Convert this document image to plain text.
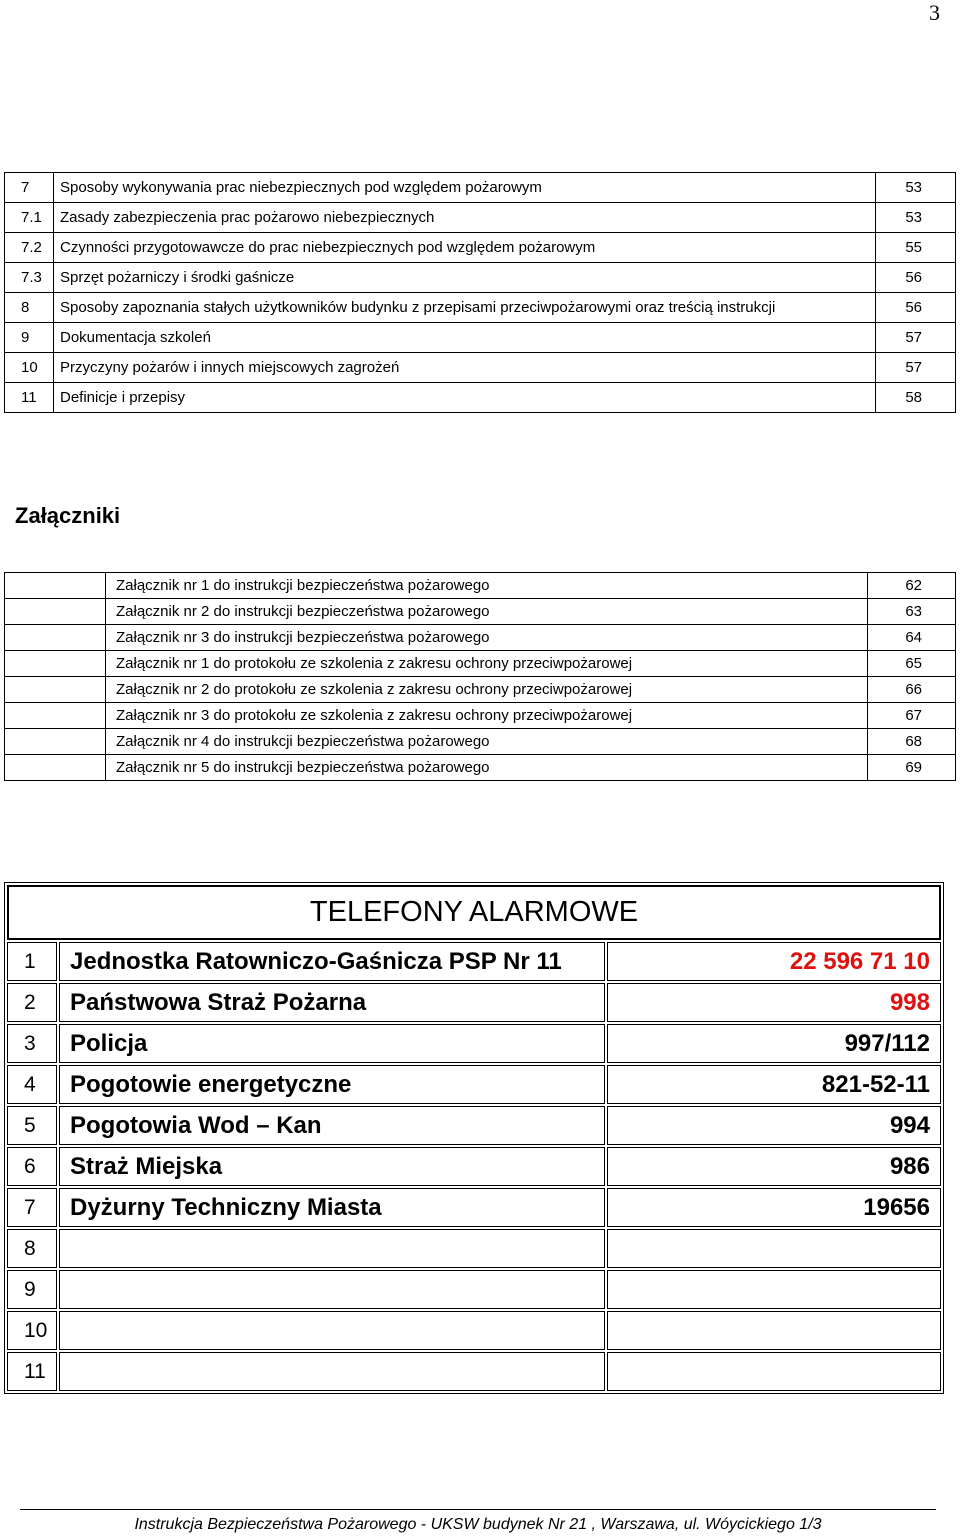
3
7	Sposoby wykonywania prac niebezpiecznych pod względem pożarowym	53
7.1	Zasady zabezpieczenia prac pożarowo niebezpiecznych	53
7.2	Czynności przygotowawcze do prac niebezpiecznych pod względem pożarowym	55
7.3	Sprzęt pożarniczy i środki gaśnicze	56
8	Sposoby zapoznania stałych użytkowników budynku z przepisami przeciwpożarowymi oraz treścią instrukcji	56
9	Dokumentacja szkoleń	57
10	Przyczyny pożarów i innych miejscowych zagrożeń	57
11	Definicje i przepisy	58
Załączniki
	Załącznik nr 1 do instrukcji bezpieczeństwa pożarowego	62
	Załącznik nr 2 do instrukcji bezpieczeństwa pożarowego	63
	Załącznik nr 3 do instrukcji bezpieczeństwa pożarowego	64
	Załącznik nr 1 do protokołu ze szkolenia z zakresu ochrony przeciwpożarowej	65
	Załącznik nr 2 do protokołu ze szkolenia z zakresu ochrony przeciwpożarowej	66
	Załącznik nr 3 do protokołu ze szkolenia z zakresu ochrony przeciwpożarowej	67
	Załącznik nr 4 do instrukcji bezpieczeństwa pożarowego	68
	Załącznik nr 5 do instrukcji bezpieczeństwa pożarowego	69
TELEFONY ALARMOWE		
1	Jednostka Ratowniczo-Gaśnicza PSP Nr 11	22 596 71 10
2	Państwowa Straż Pożarna	998
3	Policja	997/112
4	Pogotowie energetyczne	821-52-11
5	Pogotowia Wod – Kan	994
6	Straż Miejska	986
7	Dyżurny Techniczny Miasta	19656
8		
9		
10		
11		
Instrukcja Bezpieczeństwa Pożarowego - UKSW budynek Nr 21 , Warszawa, ul. Wóycickiego 1/3
